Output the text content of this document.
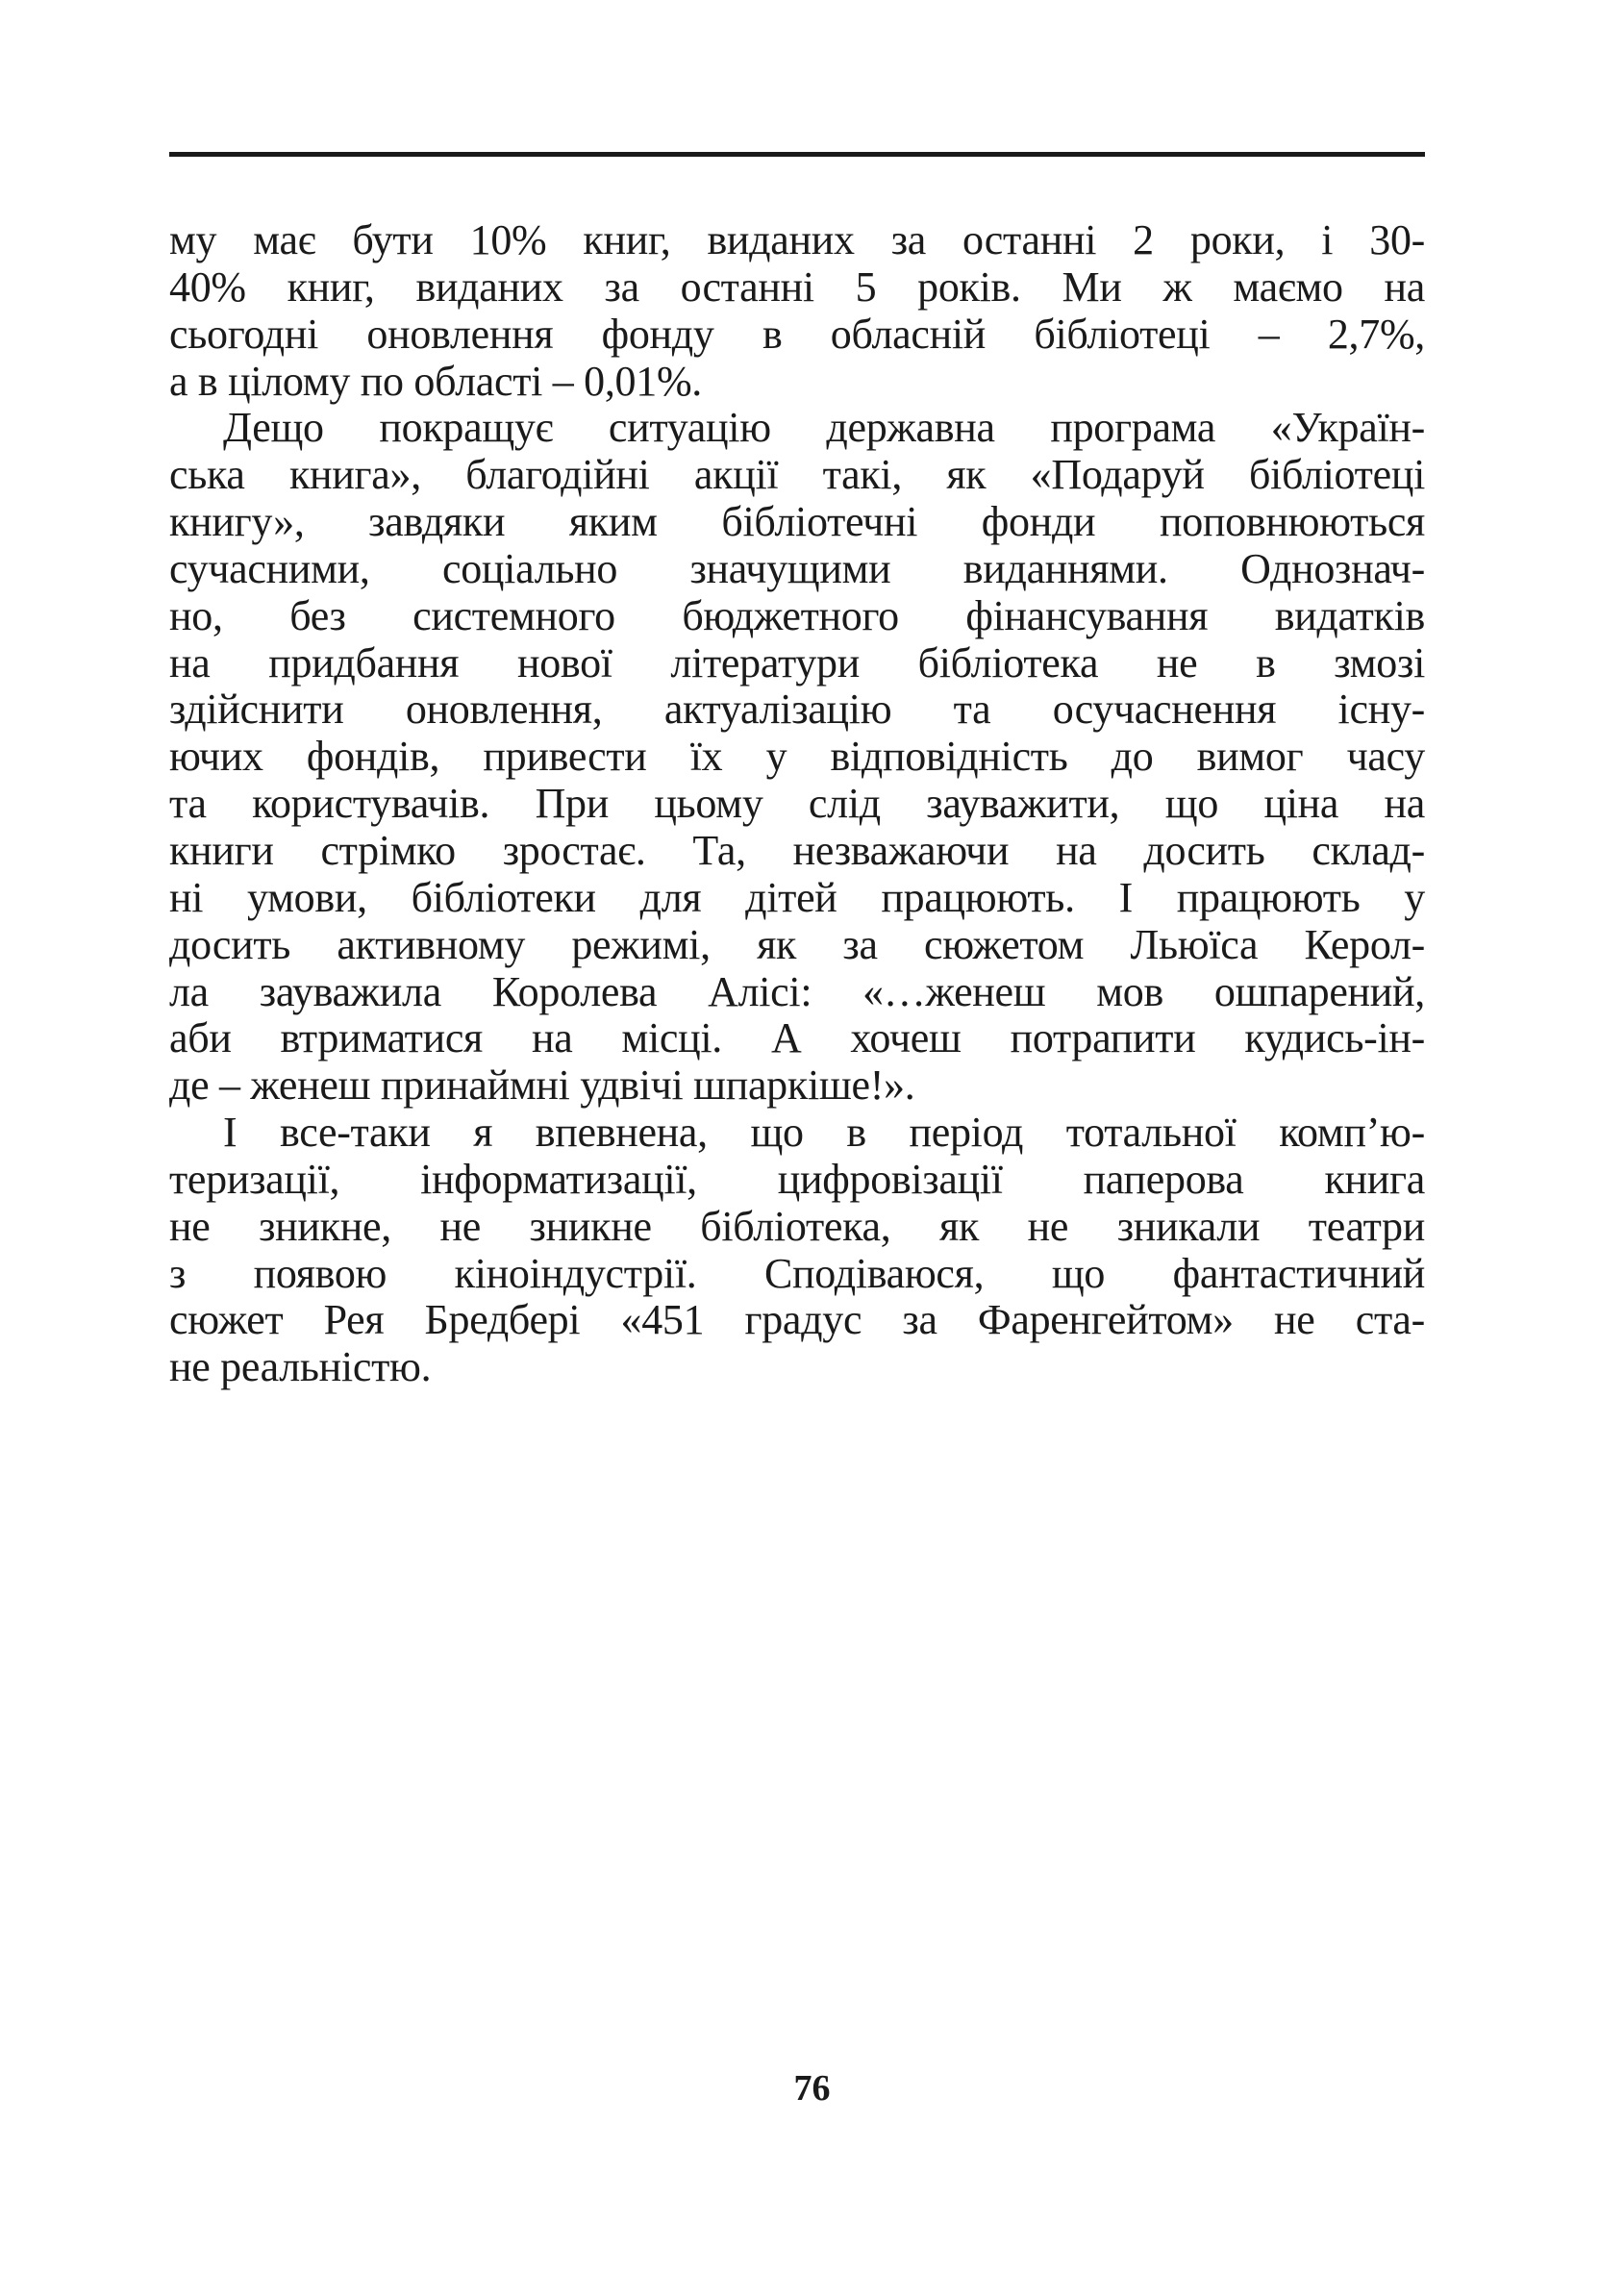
му має бути 10% книг, виданих за останні 2 роки, і 30-
40% книг, виданих за останні 5 років. Ми ж маємо на
сьогодні оновлення фонду в обласній бібліотеці – 2,7%,
а в цілому по області – 0,01%.
Дещо покращує ситуацію державна програма «Україн-
ська книга», благодійні акції такі, як «Подаруй бібліотеці
книгу», завдяки яким бібліотечні фонди поповнюються
сучасними, соціально значущими виданнями. Однознач-
но, без системного бюджетного фінансування видатків
на придбання нової літератури бібліотека не в змозі
здійснити оновлення, актуалізацію та осучаснення існу-
ючих фондів, привести їх у відповідність до вимог часу
та користувачів. При цьому слід зауважити, що ціна на
книги стрімко зростає. Та, незважаючи на досить склад-
ні умови, бібліотеки для дітей працюють. І працюють у
досить активному режимі, як за сюжетом Льюїса Керол-
ла зауважила Королева Алісі: «…женеш мов ошпарений,
аби втриматися на місці. А хочеш потрапити кудись-ін-
де – женеш принаймні удвічі шпаркіше!».
І все-таки я впевнена, що в період тотальної комп’ю-
теризації, інформатизації, цифровізації паперова книга
не зникне, не зникне бібліотека, як не зникали театри
з появою кіноіндустрії. Сподіваюся, що фантастичний
сюжет Рея Бредбері «451 градус за Фаренгейтом» не ста-
не реальністю.
76
